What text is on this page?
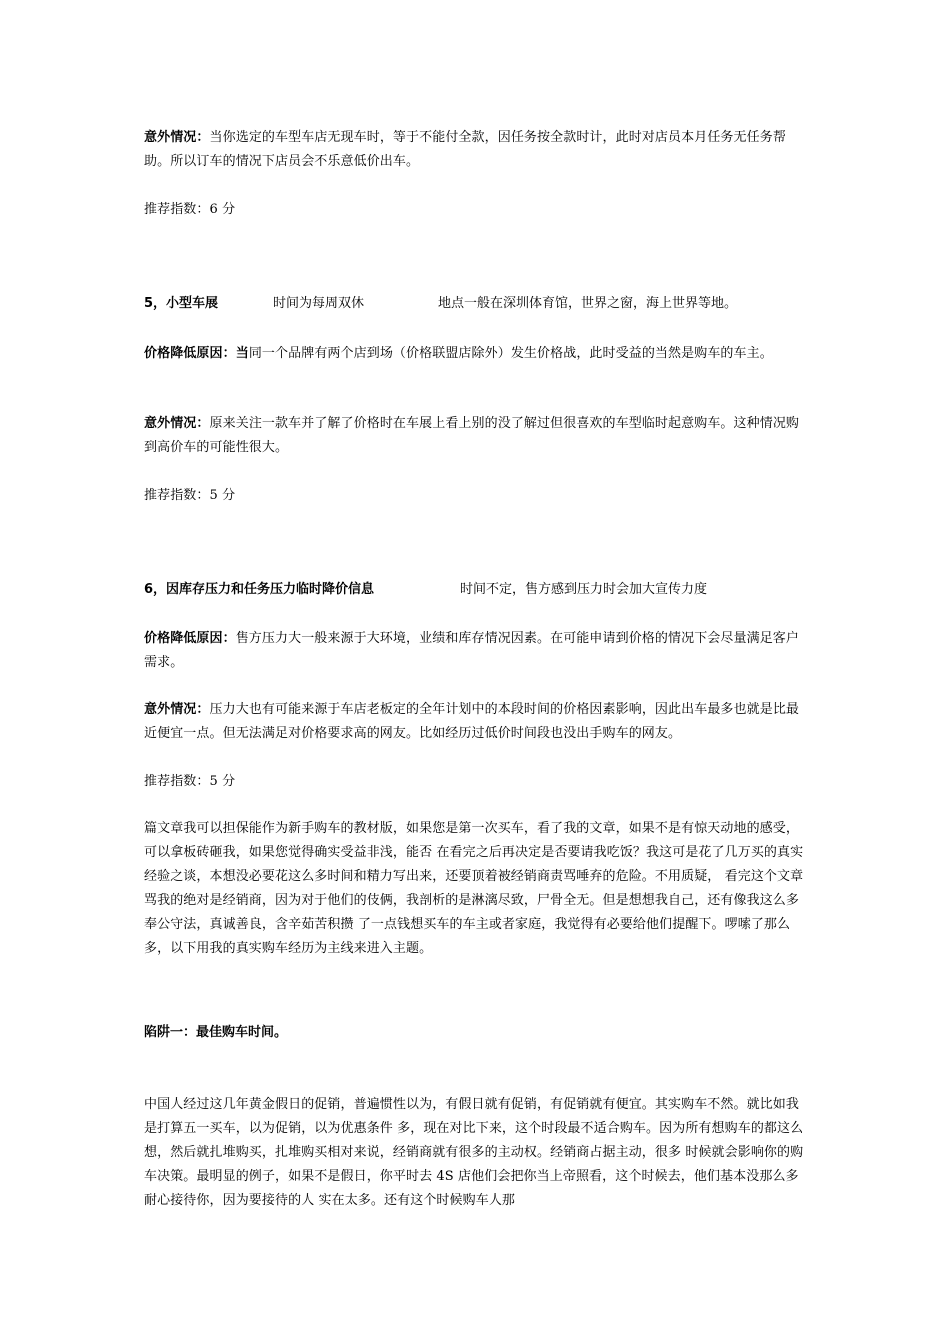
意外情况：当你选定的车型车店无现车时，等于不能付全款，因任务按全款时计，此时对店员本月任务无任务帮助。所以订车的情况下店员会不乐意低价出车。

推荐指数：6 分

5，小型车展	时间为每周双休	地点一般在深圳体育馆，世界之窗，海上世界等地。

价格降低原因：当同一个品牌有两个店到场（价格联盟店除外）发生价格战，此时受益的当然是购车的车主。

意外情况：原来关注一款车并了解了价格时在车展上看上别的没了解过但很喜欢的车型临时起意购车。这种情况购到高价车的可能性很大。

推荐指数：5 分

6，因库存压力和任务压力临时降价信息	时间不定，售方感到压力时会加大宣传力度

价格降低原因：售方压力大一般来源于大环境，业绩和库存情况因素。在可能申请到价格的情况下会尽量满足客户需求。

意外情况：压力大也有可能来源于车店老板定的全年计划中的本段时间的价格因素影响，因此出车最多也就是比最近便宜一点。但无法满足对价格要求高的网友。比如经历过低价时间段也没出手购车的网友。

推荐指数：5 分

篇文章我可以担保能作为新手购车的教材版，如果您是第一次买车，看了我的文章，如果不是有惊天动地的感受，可以拿板砖砸我，如果您觉得确实受益非浅，能否 在看完之后再决定是否要请我吃饭？我这可是花了几万买的真实经验之谈，本想没必要花这么多时间和精力写出来，还要顶着被经销商责骂唾弃的危险。不用质疑， 看完这个文章骂我的绝对是经销商，因为对于他们的伎俩，我剖析的是淋漓尽致，尸骨全无。但是想想我自己，还有像我这么多奉公守法，真诚善良，含辛茹苦积攒 了一点钱想买车的车主或者家庭，我觉得有必要给他们提醒下。啰嗦了那么多，以下用我的真实购车经历为主线来进入主题。

陷阱一：最佳购车时间。

中国人经过这几年黄金假日的促销，普遍惯性以为，有假日就有促销，有促销就有便宜。其实购车不然。就比如我是打算五一买车，以为促销，以为优惠条件 多，现在对比下来，这个时段最不适合购车。因为所有想购车的都这么想，然后就扎堆购买，扎堆购买相对来说，经销商就有很多的主动权。经销商占据主动，很多 时候就会影响你的购车决策。最明显的例子，如果不是假日，你平时去 4S 店他们会把你当上帝照看，这个时候去，他们基本没那么多耐心接待你，因为要接待的人 实在太多。还有这个时候购车人那
